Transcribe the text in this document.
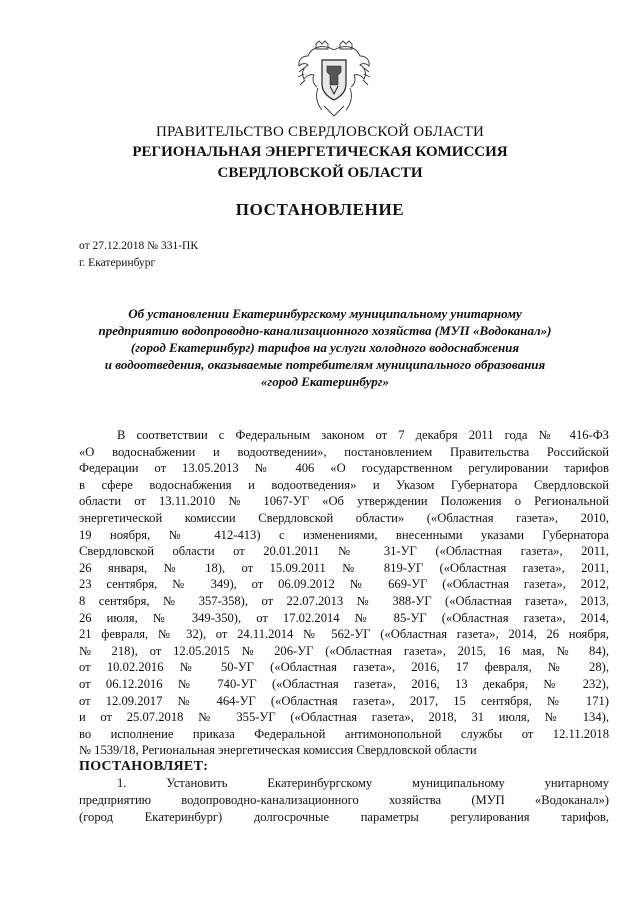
ПРАВИТЕЛЬСТВО СВЕРДЛОВСКОЙ ОБЛАСТИ
РЕГИОНАЛЬНАЯ ЭНЕРГЕТИЧЕСКАЯ КОМИССИЯ
СВЕРДЛОВСКОЙ ОБЛАСТИ
ПОСТАНОВЛЕНИЕ
от 27.12.2018 № 331-ПК
г. Екатеринбург
Об установлении Екатеринбургскому муниципальному унитарному
предприятию водопроводно-канализационного хозяйства (МУП «Водоканал»)
(город Екатеринбург) тарифов на услуги холодного водоснабжения
и водоотведения, оказываемые потребителям муниципального образования
«город Екатеринбург»
В соответствии с Федеральным законом от 7 декабря 2011 года № 416-ФЗ
«О водоснабжении и водоотведении», постановлением Правительства Российской
Федерации от 13.05.2013 № 406 «О государственном регулировании тарифов
в сфере водоснабжения и водоотведения» и Указом Губернатора Свердловской
области от 13.11.2010 № 1067-УГ «Об утверждении Положения о Региональной
энергетической комиссии Свердловской области» («Областная газета», 2010,
19 ноября, № 412-413) с изменениями, внесенными указами Губернатора
Свердловской области от 20.01.2011 № 31-УГ («Областная газета», 2011,
26 января, № 18), от 15.09.2011 № 819-УГ («Областная газета», 2011,
23 сентября, № 349), от 06.09.2012 № 669-УГ («Областная газета», 2012,
8 сентября, № 357-358), от 22.07.2013 № 388-УГ («Областная газета», 2013,
26 июля, № 349-350), от 17.02.2014 № 85-УГ («Областная газета», 2014,
21 февраля, № 32), от 24.11.2014 № 562-УГ («Областная газета», 2014, 26 ноября,
№ 218), от 12.05.2015 № 206-УГ («Областная газета», 2015, 16 мая, № 84),
от 10.02.2016 № 50-УГ («Областная газета», 2016, 17 февраля, № 28),
от 06.12.2016 № 740-УГ («Областная газета», 2016, 13 декабря, № 232),
от 12.09.2017 № 464-УГ («Областная газета», 2017, 15 сентября, № 171)
и от 25.07.2018 № 355-УГ («Областная газета», 2018, 31 июля, № 134),
во исполнение приказа Федеральной антимонопольной службы от 12.11.2018
№ 1539/18, Региональная энергетическая комиссия Свердловской области
ПОСТАНОВЛЯЕТ:
1. Установить Екатеринбургскому муниципальному унитарному
предприятию водопроводно-канализационного хозяйства (МУП «Водоканал»)
(город Екатеринбург) долгосрочные параметры регулирования тарифов,
